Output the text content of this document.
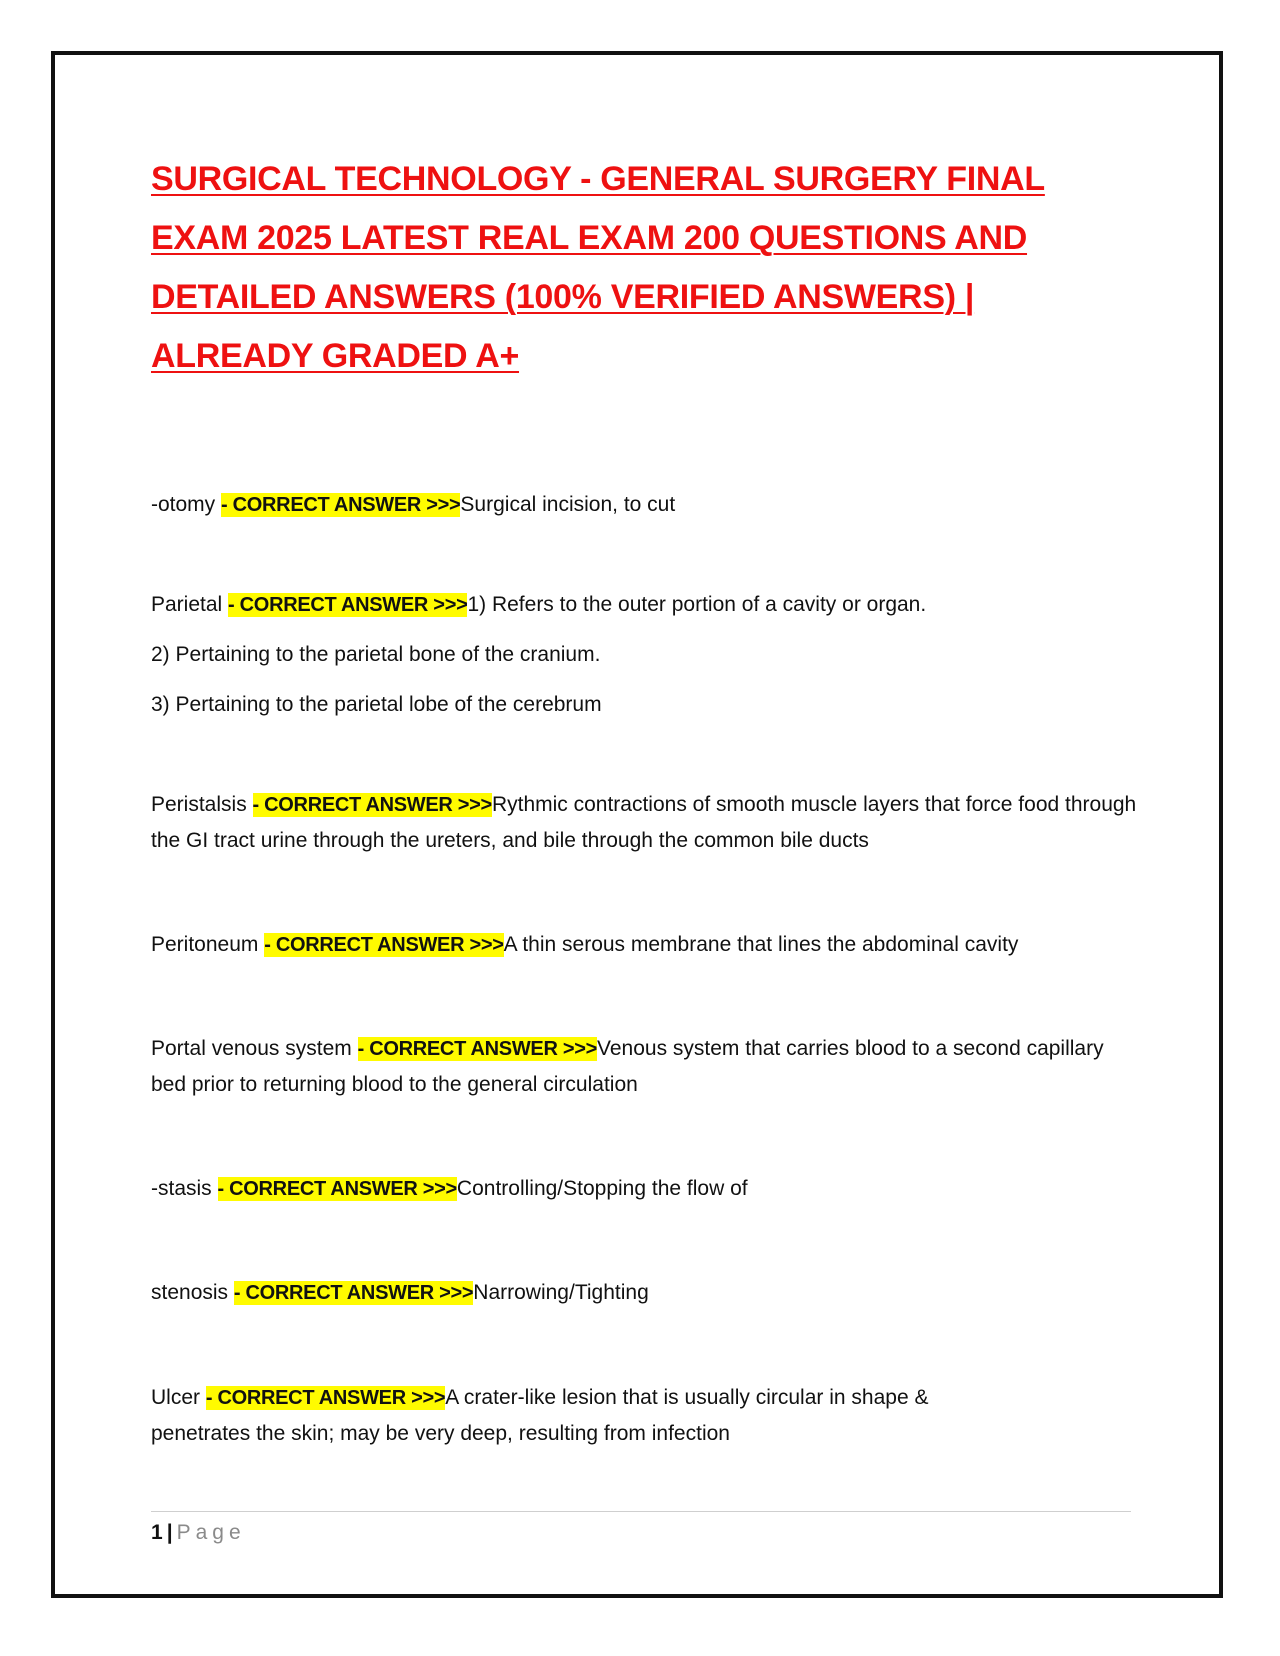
SURGICAL TECHNOLOGY - GENERAL SURGERY FINAL
EXAM 2025 LATEST REAL EXAM 200 QUESTIONS AND
DETAILED ANSWERS (100% VERIFIED ANSWERS) |
ALREADY GRADED A+

-otomy - CORRECT ANSWER >>>Surgical incision, to cut

Parietal - CORRECT ANSWER >>>1) Refers to the outer portion of a cavity or organ.

2) Pertaining to the parietal bone of the cranium.

3) Pertaining to the parietal lobe of the cerebrum

Peristalsis - CORRECT ANSWER >>>Rythmic contractions of smooth muscle layers that force food through the GI tract urine through the ureters, and bile through the common bile ducts

Peritoneum - CORRECT ANSWER >>>A thin serous membrane that lines the abdominal cavity

Portal venous system - CORRECT ANSWER >>>Venous system that carries blood to a second capillary bed prior to returning blood to the general circulation

-stasis - CORRECT ANSWER >>>Controlling/Stopping the flow of

stenosis - CORRECT ANSWER >>>Narrowing/Tighting

Ulcer - CORRECT ANSWER >>>A crater-like lesion that is usually circular in shape & penetrates the skin; may be very deep, resulting from infection

1 | Page
